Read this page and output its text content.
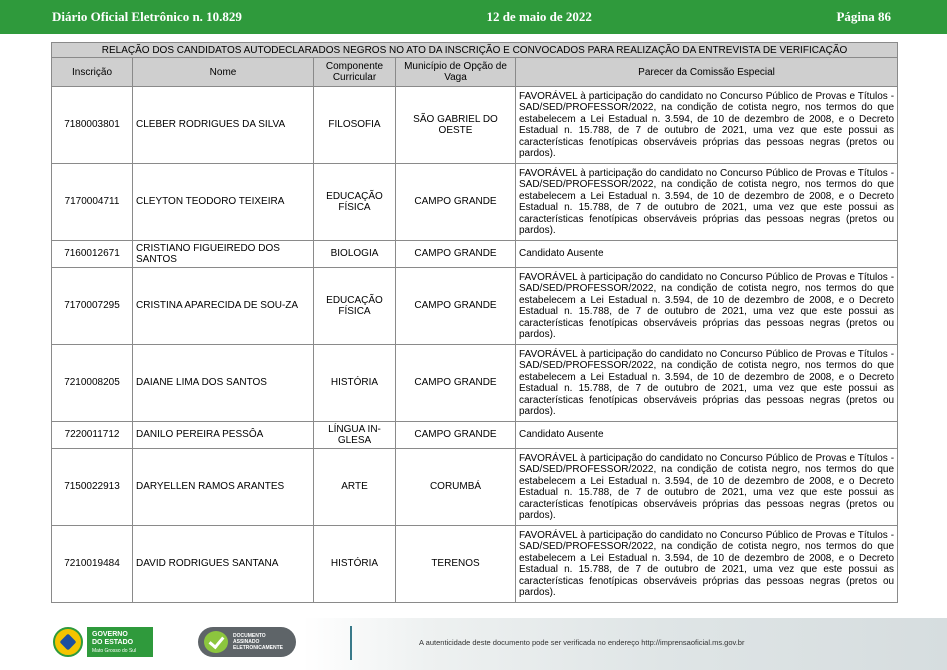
Diário Oficial Eletrônico n. 10.829	12 de maio de 2022	Página 86
RELAÇÃO DOS CANDIDATOS AUTODECLARADOS NEGROS NO ATO DA INSCRIÇÃO E CONVOCADOS PARA REALIZAÇÃO DA ENTREVISTA DE VERIFICAÇÃO				
Inscrição	Nome	Componente Curricular	Município de Opção de Vaga	Parecer da Comissão Especial
7180003801	CLEBER RODRIGUES DA SILVA	FILOSOFIA	SÃO GABRIEL DO OESTE	FAVORÁVEL à participação do candidato no Concurso Público de Provas e Títulos - SAD/SED/PROFESSOR/2022, na condição de cotista negro, nos termos do que estabelecem a Lei Estadual n. 3.594, de 10 de dezembro de 2008, e o Decreto Estadual n. 15.788, de 7 de outubro de 2021, uma vez que este possui as características fenotípicas observáveis próprias das pessoas negras (pretos ou pardos).
7170004711	CLEYTON TEODORO TEIXEIRA	EDUCAÇÃO FÍSICA	CAMPO GRANDE	FAVORÁVEL à participação do candidato no Concurso Público de Provas e Títulos - SAD/SED/PROFESSOR/2022, na condição de cotista negro, nos termos do que estabelecem a Lei Estadual n. 3.594, de 10 de dezembro de 2008, e o Decreto Estadual n. 15.788, de 7 de outubro de 2021, uma vez que este possui as características fenotípicas observáveis próprias das pessoas negras (pretos ou pardos).
7160012671	CRISTIANO FIGUEIREDO DOS SANTOS	BIOLOGIA	CAMPO GRANDE	Candidato Ausente
7170007295	CRISTINA APARECIDA DE SOU-ZA	EDUCAÇÃO FÍSICA	CAMPO GRANDE	FAVORÁVEL à participação do candidato no Concurso Público de Provas e Títulos - SAD/SED/PROFESSOR/2022, na condição de cotista negro, nos termos do que estabelecem a Lei Estadual n. 3.594, de 10 de dezembro de 2008, e o Decreto Estadual n. 15.788, de 7 de outubro de 2021, uma vez que este possui as características fenotípicas observáveis próprias das pessoas negras (pretos ou pardos).
7210008205	DAIANE LIMA DOS SANTOS	HISTÓRIA	CAMPO GRANDE	FAVORÁVEL à participação do candidato no Concurso Público de Provas e Títulos - SAD/SED/PROFESSOR/2022, na condição de cotista negro, nos termos do que estabelecem a Lei Estadual n. 3.594, de 10 de dezembro de 2008, e o Decreto Estadual n. 15.788, de 7 de outubro de 2021, uma vez que este possui as características fenotípicas observáveis próprias das pessoas negras (pretos ou pardos).
7220011712	DANILO PEREIRA PESSÔA	LÍNGUA IN-GLESA	CAMPO GRANDE	Candidato Ausente
7150022913	DARYELLEN RAMOS ARANTES	ARTE	CORUMBÁ	FAVORÁVEL à participação do candidato no Concurso Público de Provas e Títulos - SAD/SED/PROFESSOR/2022, na condição de cotista negro, nos termos do que estabelecem a Lei Estadual n. 3.594, de 10 de dezembro de 2008, e o Decreto Estadual n. 15.788, de 7 de outubro de 2021, uma vez que este possui as características fenotípicas observáveis próprias das pessoas negras (pretos ou pardos).
7210019484	DAVID RODRIGUES SANTANA	HISTÓRIA	TERENOS	FAVORÁVEL à participação do candidato no Concurso Público de Provas e Títulos - SAD/SED/PROFESSOR/2022, na condição de cotista negro, nos termos do que estabelecem a Lei Estadual n. 3.594, de 10 de dezembro de 2008, e o Decreto Estadual n. 15.788, de 7 de outubro de 2021, uma vez que este possui as características fenotípicas observáveis próprias das pessoas negras (pretos ou pardos).
GOVERNO
DO ESTADO
Mato Grosso do Sul
DOCUMENTO
ASSINADO
ELETRONICAMENTE
A autenticidade deste documento pode ser verificada no endereço http://imprensaoficial.ms.gov.br
